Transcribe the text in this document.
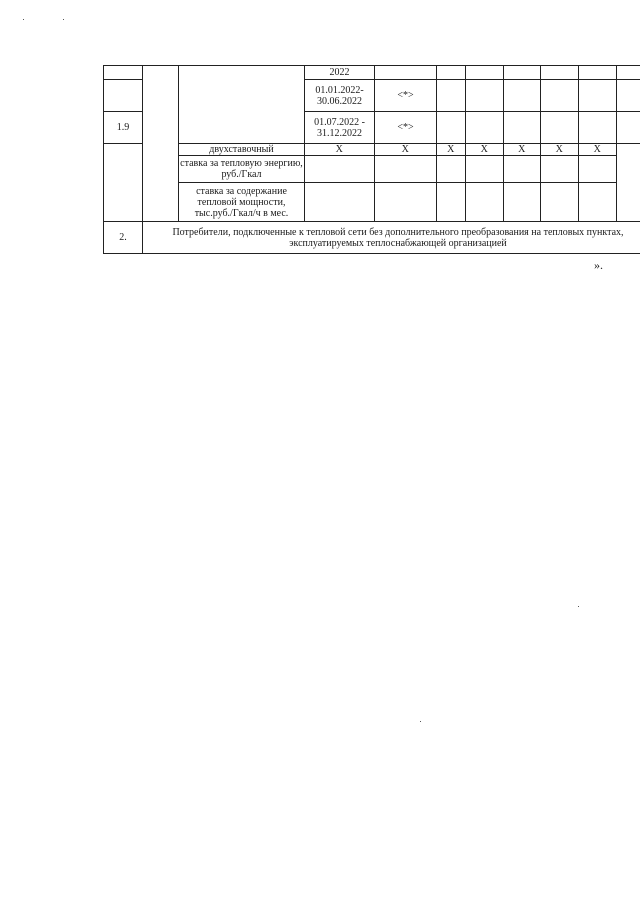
			2022								
			01.01.2022-30.06.2022	<*>							
1.9			01.07.2022 - 31.12.2022	<*>							
		двухставочный	Х	Х	Х	Х	Х	Х	Х		
		ставка за тепловую энергию, руб./Гкал									
		ставка за содержание тепловой мощности, тыс.руб./Гкал/ч в мес.									
2.	Потребители, подключенные к тепловой сети без дополнительного преобразования на тепловых пунктах, эксплуатируемых теплоснабжающей организацией										
».
